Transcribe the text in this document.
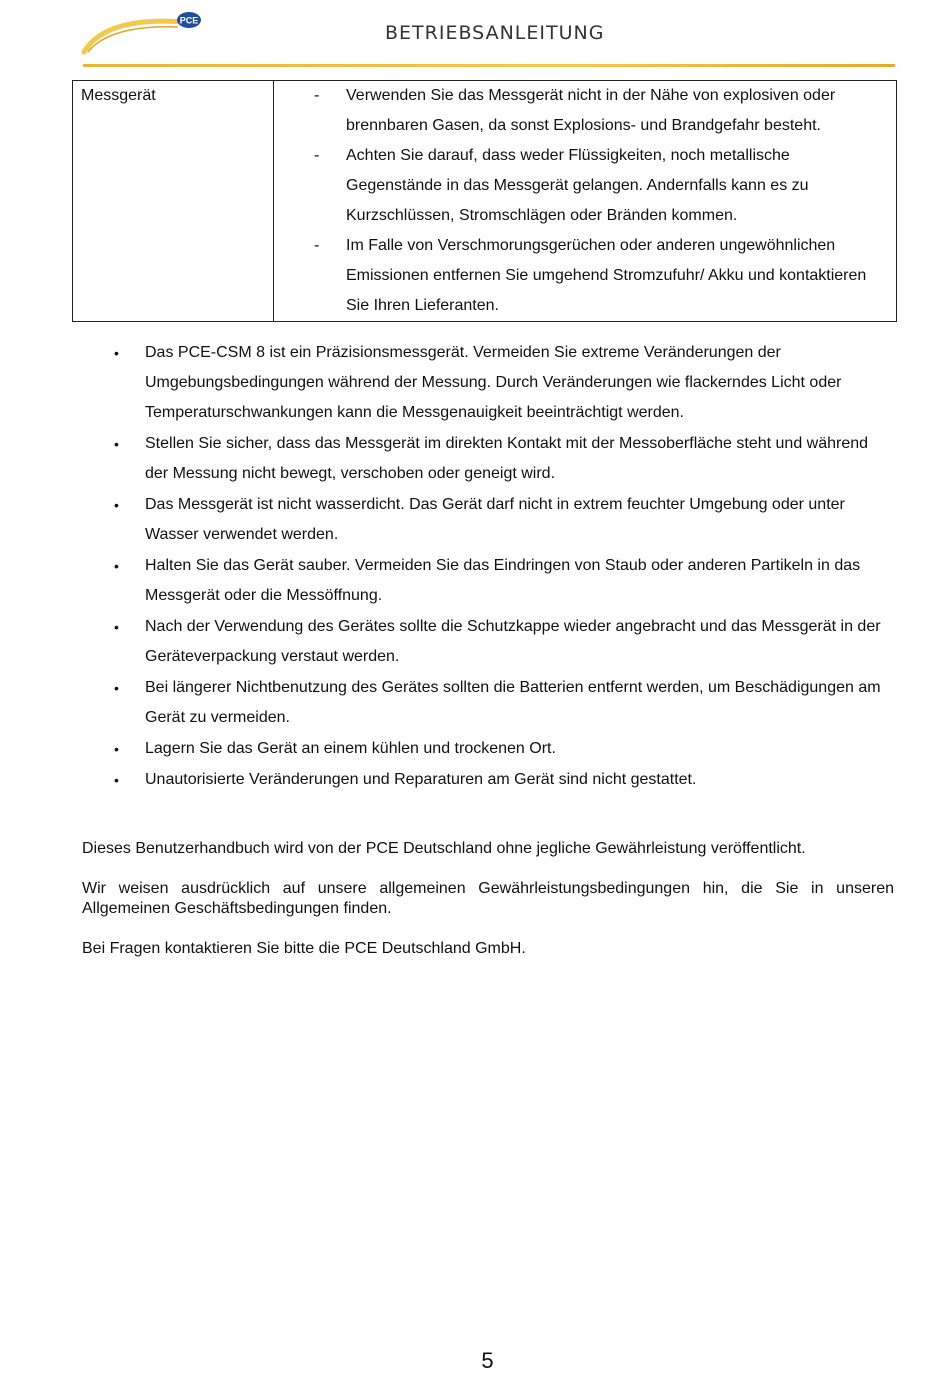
PCE
BETRIEBSANLEITUNG
Messgerät	- Verwenden Sie das Messgerät nicht in der Nähe von explosiven oder brennbaren Gasen, da sonst Explosions- und Brandgefahr besteht.
- Achten Sie darauf, dass weder Flüssigkeiten, noch metallische Gegenstände in das Messgerät gelangen. Andernfalls kann es zu Kurzschlüssen, Stromschlägen oder Bränden kommen.
- Im Falle von Verschmorungsgerüchen oder anderen ungewöhnlichen Emissionen entfernen Sie umgehend Stromzufuhr/ Akku und kontaktieren Sie Ihren Lieferanten.
• Das PCE-CSM 8 ist ein Präzisionsmessgerät. Vermeiden Sie extreme Veränderungen der Umgebungsbedingungen während der Messung. Durch Veränderungen wie flackerndes Licht oder Temperaturschwankungen kann die Messgenauigkeit beeinträchtigt werden.
• Stellen Sie sicher, dass das Messgerät im direkten Kontakt mit der Messoberfläche steht und während der Messung nicht bewegt, verschoben oder geneigt wird.
• Das Messgerät ist nicht wasserdicht. Das Gerät darf nicht in extrem feuchter Umgebung oder unter Wasser verwendet werden.
• Halten Sie das Gerät sauber. Vermeiden Sie das Eindringen von Staub oder anderen Partikeln in das Messgerät oder die Messöffnung.
• Nach der Verwendung des Gerätes sollte die Schutzkappe wieder angebracht und das Messgerät in der Geräteverpackung verstaut werden.
• Bei längerer Nichtbenutzung des Gerätes sollten die Batterien entfernt werden, um Beschädigungen am Gerät zu vermeiden.
• Lagern Sie das Gerät an einem kühlen und trockenen Ort.
• Unautorisierte Veränderungen und Reparaturen am Gerät sind nicht gestattet.

Dieses Benutzerhandbuch wird von der PCE Deutschland ohne jegliche Gewährleistung veröffentlicht.

Wir weisen ausdrücklich auf unsere allgemeinen Gewährleistungsbedingungen hin, die Sie in unseren Allgemeinen Geschäftsbedingungen finden.

Bei Fragen kontaktieren Sie bitte die PCE Deutschland GmbH.

5
